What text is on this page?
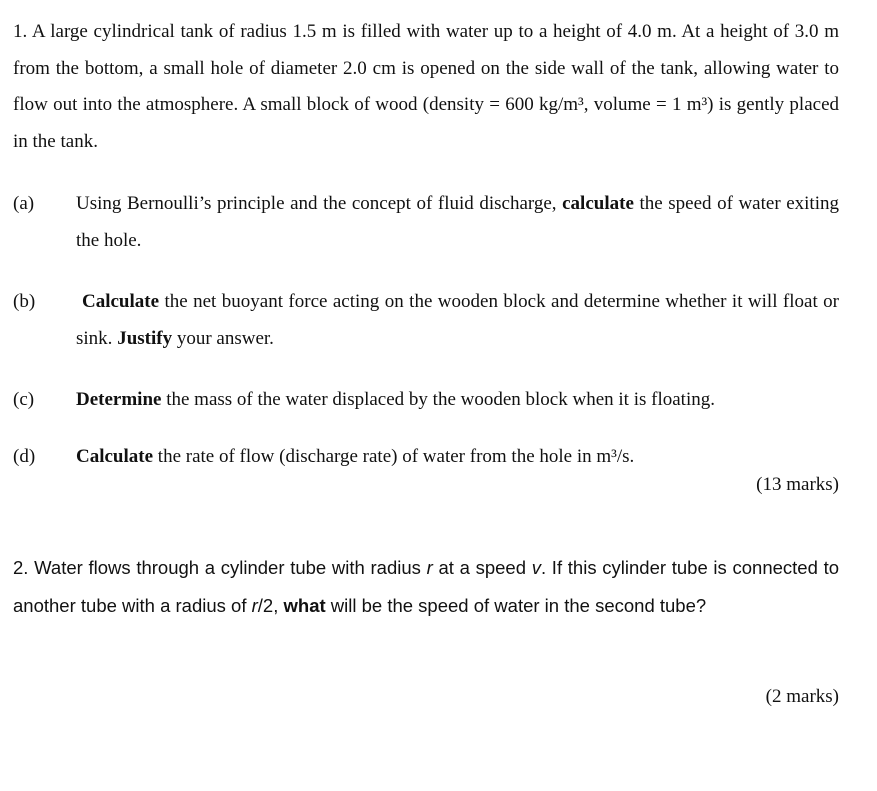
1. A large cylindrical tank of radius 1.5 m is filled with water up to a height of 4.0 m. At a height of 3.0 m from the bottom, a small hole of diameter 2.0 cm is opened on the side wall of the tank, allowing water to flow out into the atmosphere. A small block of wood (density = 600 kg/m³, volume = 1 m³) is gently placed in the tank.
(a) Using Bernoulli’s principle and the concept of fluid discharge, calculate the speed of water exiting the hole.
(b)	Calculate the net buoyant force acting on the wooden block and determine whether it will float or sink. Justify your answer.
(c) Determine the mass of the water displaced by the wooden block when it is floating.
(d) Calculate the rate of flow (discharge rate) of water from the hole in m³/s.
(13 marks)
2. Water flows through a cylinder tube with radius r at a speed v. If this cylinder tube is connected to another tube with a radius of r/2, what will be the speed of water in the second tube?
(2 marks)
